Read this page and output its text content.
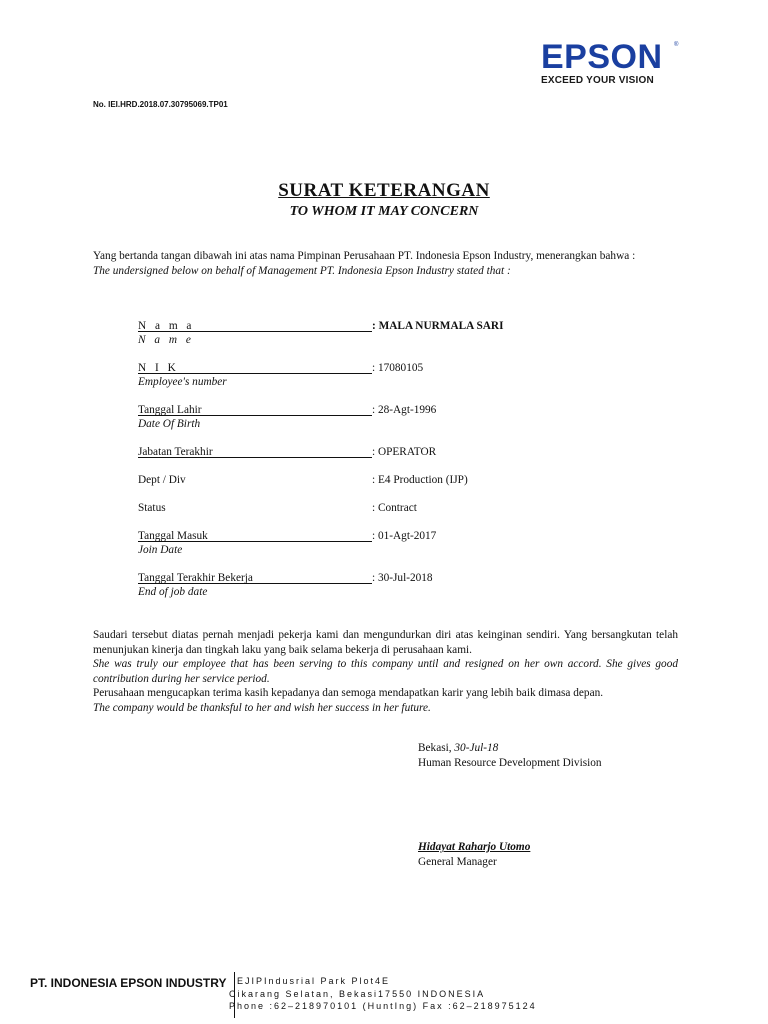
EPSON	®
EXCEED YOUR VISION
No. IEI.HRD.2018.07.30795069.TP01
SURAT KETERANGAN
TO WHOM IT MAY CONCERN
Yang bertanda tangan dibawah ini atas nama Pimpinan Perusahaan PT. Indonesia Epson Industry, menerangkan bahwa :
The undersigned below on behalf of Management PT. Indonesia Epson Industry stated that :
N a m a	: MALA NURMALA SARI
N a m e
N I K	: 17080105
Employee's number
Tanggal Lahir	: 28-Agt-1996
Date Of Birth
Jabatan Terakhir	: OPERATOR
Dept / Div	: E4 Production (IJP)
Status	: Contract
Tanggal Masuk	: 01-Agt-2017
Join Date
Tanggal Terakhir Bekerja	: 30-Jul-2018
End of job date
Saudari tersebut diatas pernah menjadi pekerja kami dan mengundurkan diri atas keinginan sendiri. Yang bersangkutan telah menunjukan kinerja dan tingkah laku yang baik selama bekerja di perusahaan kami.
She was truly our employee that has been serving to this company until and resigned on her own accord. She gives good contribution during her service period.
Perusahaan mengucapkan terima kasih kepadanya dan semoga mendapatkan karir yang lebih baik dimasa depan.
The company would be thanksful to her and wish her success in her future.
Bekasi, 30-Jul-18
Human Resource Development Division
Hidayat Raharjo Utomo
General Manager
PT. INDONESIA EPSON INDUSTRY	EJIPIndusrial Park Plot4E
Cikarang Selatan, Bekasi17550 INDONESIA
Phone :62–218970101 (HuntIng) Fax :62–218975124
